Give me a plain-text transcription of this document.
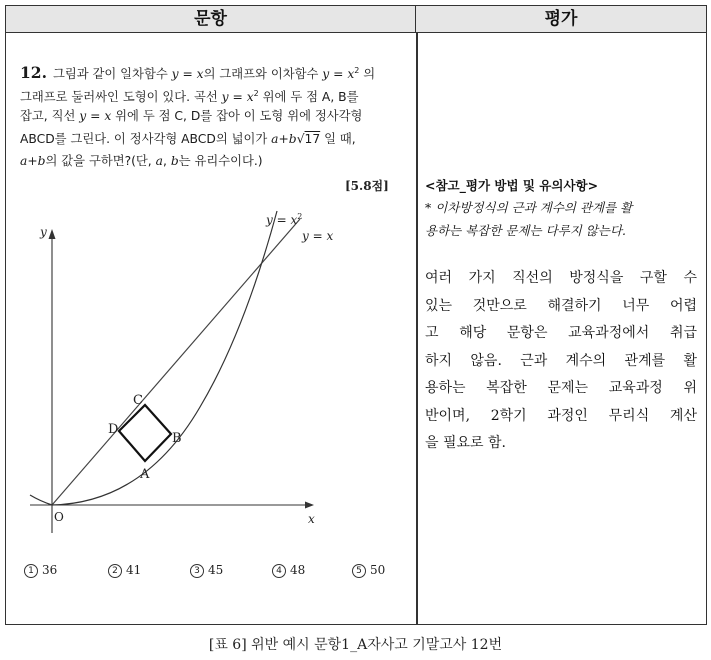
문항	평가
12. 그림과 같이 일차함수 y = x의 그래프와 이차함수 $y = x^2$ 의
그래프로 둘러싸인 도형이 있다. 곡선 $y = x^2$ 위에 두 점 A, B를
잡고, 직선 y = x 위에 두 점 C, D를 잡아 이 도형 위에 정사각형
ABCD를 그린다. 이 정사각형 ABCD의 넓이가 a+b√17 일 때,
a+b의 값을 구하면?(단, a, b는 유리수이다.)
[5.8점]
$y = x^2$
y = x
y
x
O
A
B
C
D
1 36	2 41	3 45	4 48	5 50
<참고_평가 방법 및 유의사항>
* 이차방정식의 근과 계수의 관계를 활
용하는 복잡한 문제는 다루지 않는다.
여러 가지 직선의 방정식을 구할 수
있는 것만으로 해결하기 너무 어렵
고 해당 문항은 교육과정에서 취급
하지 않음. 근과 계수의 관계를 활
용하는 복잡한 문제는 교육과정 위
반이며, 2학기 과정인 무리식 계산
을 필요로 함.
[표 6] 위반 예시 문항1_A자사고 기말고사 12번
